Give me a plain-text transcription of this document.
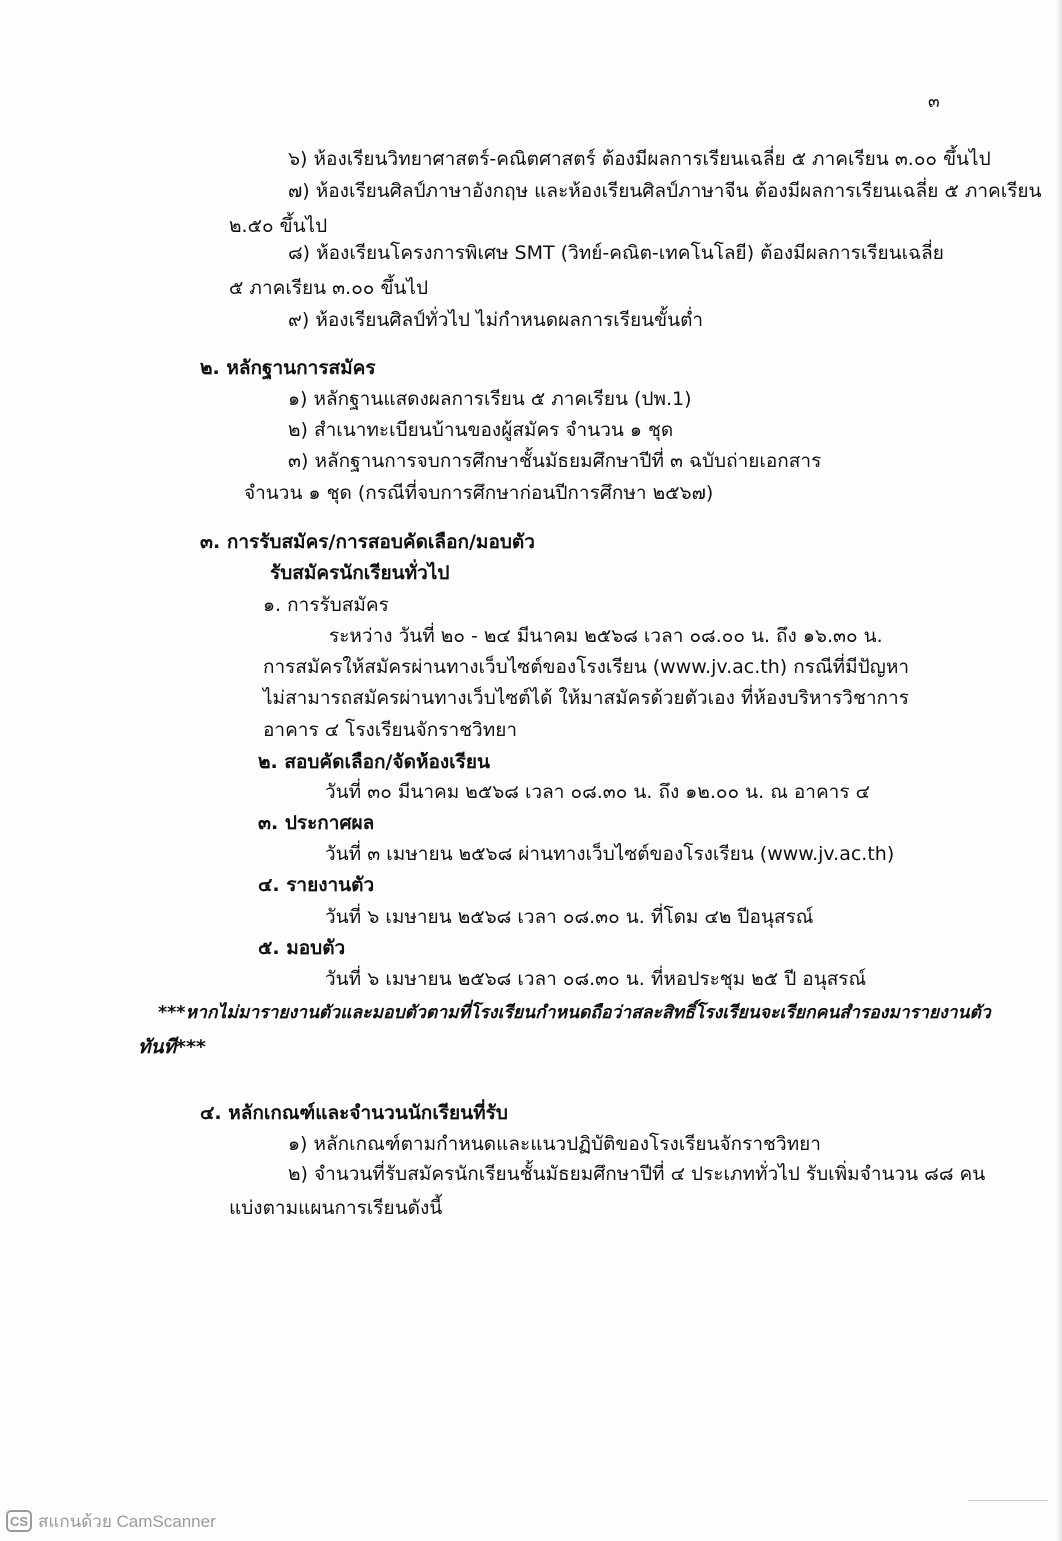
๓
๖) ห้องเรียนวิทยาศาสตร์-คณิตศาสตร์ ต้องมีผลการเรียนเฉลี่ย ๕ ภาคเรียน ๓.๐๐ ขึ้นไป
๗) ห้องเรียนศิลป์ภาษาอังกฤษ และห้องเรียนศิลป์ภาษาจีน ต้องมีผลการเรียนเฉลี่ย ๕ ภาคเรียน
๒.๕๐ ขึ้นไป
๘) ห้องเรียนโครงการพิเศษ SMT (วิทย์-คณิต-เทคโนโลยี) ต้องมีผลการเรียนเฉลี่ย
๕ ภาคเรียน ๓.๐๐ ขึ้นไป
๙) ห้องเรียนศิลป์ทั่วไป ไม่กำหนดผลการเรียนขั้นต่ำ
๒. หลักฐานการสมัคร
๑) หลักฐานแสดงผลการเรียน ๕ ภาคเรียน (ปพ.1)
๒) สำเนาทะเบียนบ้านของผู้สมัคร จำนวน ๑ ชุด
๓) หลักฐานการจบการศึกษาชั้นมัธยมศึกษาปีที่ ๓ ฉบับถ่ายเอกสาร
จำนวน ๑ ชุด (กรณีที่จบการศึกษาก่อนปีการศึกษา ๒๕๖๗)
๓. การรับสมัคร/การสอบคัดเลือก/มอบตัว
รับสมัครนักเรียนทั่วไป
๑. การรับสมัคร
ระหว่าง วันที่ ๒๐ - ๒๔ มีนาคม ๒๕๖๘ เวลา ๐๘.๐๐ น. ถึง ๑๖.๓๐ น.
การสมัครให้สมัครผ่านทางเว็บไซต์ของโรงเรียน (www.jv.ac.th) กรณีที่มีปัญหา
ไม่สามารถสมัครผ่านทางเว็บไซต์ได้ ให้มาสมัครด้วยตัวเอง ที่ห้องบริหารวิชาการ
อาคาร ๔ โรงเรียนจักราชวิทยา
๒. สอบคัดเลือก/จัดห้องเรียน
วันที่ ๓๐ มีนาคม ๒๕๖๘ เวลา ๐๘.๓๐ น. ถึง ๑๒.๐๐ น. ณ อาคาร ๔
๓. ประกาศผล
วันที่ ๓ เมษายน ๒๕๖๘ ผ่านทางเว็บไซต์ของโรงเรียน (www.jv.ac.th)
๔. รายงานตัว
วันที่ ๖ เมษายน ๒๕๖๘ เวลา ๐๘.๓๐ น. ที่โดม ๔๒ ปีอนุสรณ์
๕. มอบตัว
วันที่ ๖ เมษายน ๒๕๖๘ เวลา ๐๘.๓๐ น. ที่หอประชุม ๒๕ ปี อนุสรณ์
***หากไม่มารายงานตัวและมอบตัวตามที่โรงเรียนกำหนดถือว่าสละสิทธิ์โรงเรียนจะเรียกคนสำรองมารายงานตัว
ทันที***
๔. หลักเกณฑ์และจำนวนนักเรียนที่รับ
๑) หลักเกณฑ์ตามกำหนดและแนวปฏิบัติของโรงเรียนจักราชวิทยา
๒) จำนวนที่รับสมัครนักเรียนชั้นมัธยมศึกษาปีที่ ๔ ประเภททั่วไป รับเพิ่มจำนวน ๘๘ คน
แบ่งตามแผนการเรียนดังนี้
CS สแกนด้วย CamScanner
